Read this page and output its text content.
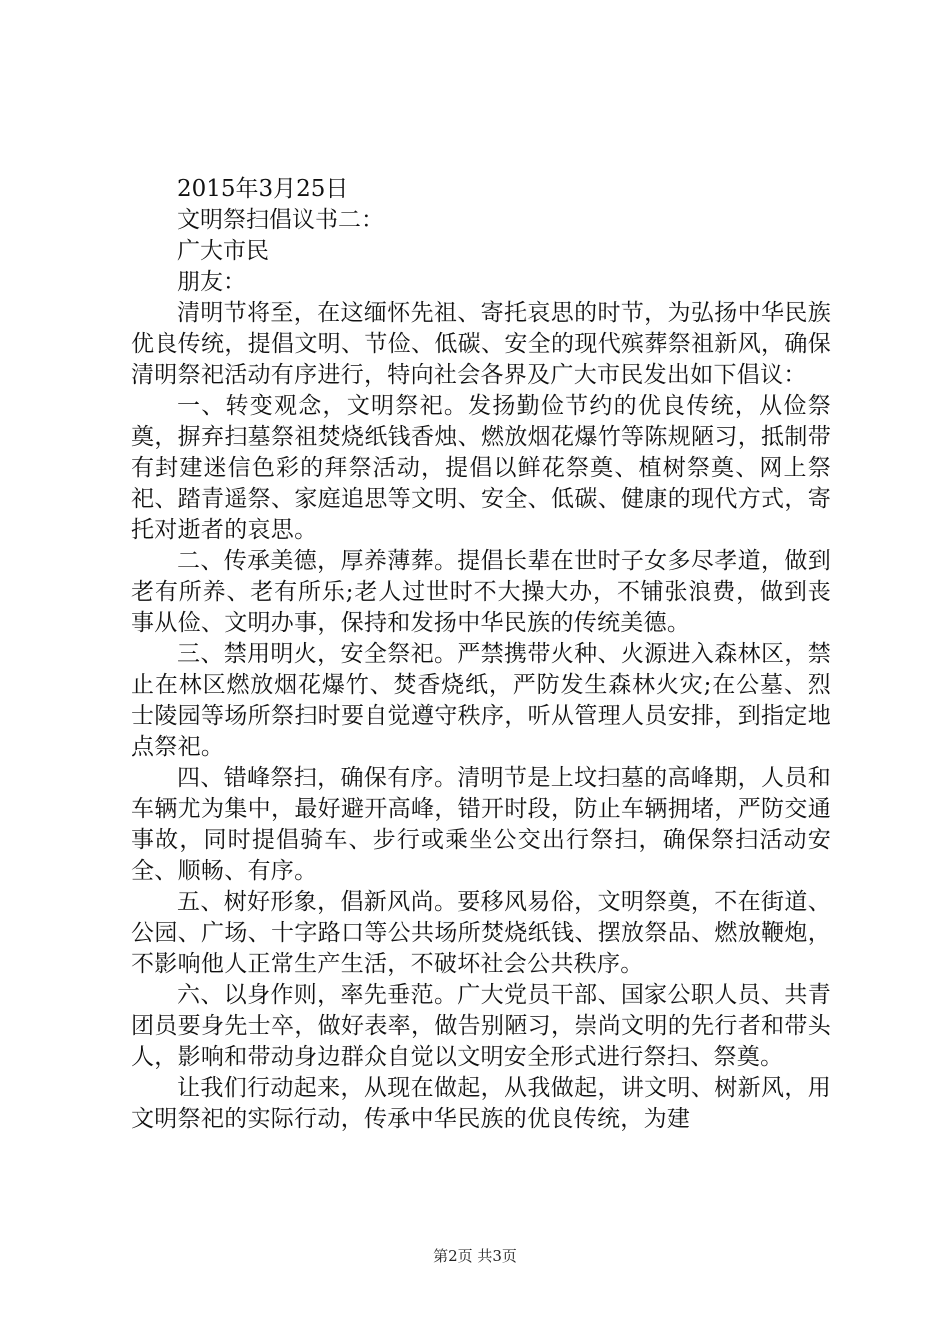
2015年3月25日

文明祭扫倡议书二：

广大市民

朋友：

清明节将至，在这缅怀先祖、寄托哀思的时节，为弘扬中华民族优良传统，提倡文明、节俭、低碳、安全的现代殡葬祭祖新风，确保清明祭祀活动有序进行，特向社会各界及广大市民发出如下倡议：

一、转变观念，文明祭祀。发扬勤俭节约的优良传统，从俭祭奠，摒弃扫墓祭祖焚烧纸钱香烛、燃放烟花爆竹等陈规陋习，抵制带有封建迷信色彩的拜祭活动，提倡以鲜花祭奠、植树祭奠、网上祭祀、踏青遥祭、家庭追思等文明、安全、低碳、健康的现代方式，寄托对逝者的哀思。

二、传承美德，厚养薄葬。提倡长辈在世时子女多尽孝道，做到老有所养、老有所乐;老人过世时不大操大办，不铺张浪费，做到丧事从俭、文明办事，保持和发扬中华民族的传统美德。

三、禁用明火，安全祭祀。严禁携带火种、火源进入森林区，禁止在林区燃放烟花爆竹、焚香烧纸，严防发生森林火灾;在公墓、烈士陵园等场所祭扫时要自觉遵守秩序，听从管理人员安排，到指定地点祭祀。

四、错峰祭扫，确保有序。清明节是上坟扫墓的高峰期，人员和车辆尤为集中，最好避开高峰，错开时段，防止车辆拥堵，严防交通事故，同时提倡骑车、步行或乘坐公交出行祭扫，确保祭扫活动安全、顺畅、有序。

五、树好形象，倡新风尚。要移风易俗，文明祭奠，不在街道、公园、广场、十字路口等公共场所焚烧纸钱、摆放祭品、燃放鞭炮，不影响他人正常生产生活，不破坏社会公共秩序。

六、以身作则，率先垂范。广大党员干部、国家公职人员、共青团员要身先士卒，做好表率，做告别陋习，崇尚文明的先行者和带头人，影响和带动身边群众自觉以文明安全形式进行祭扫、祭奠。

让我们行动起来，从现在做起，从我做起，讲文明、树新风，用文明祭祀的实际行动，传承中华民族的优良传统，为建

第2页 共3页
